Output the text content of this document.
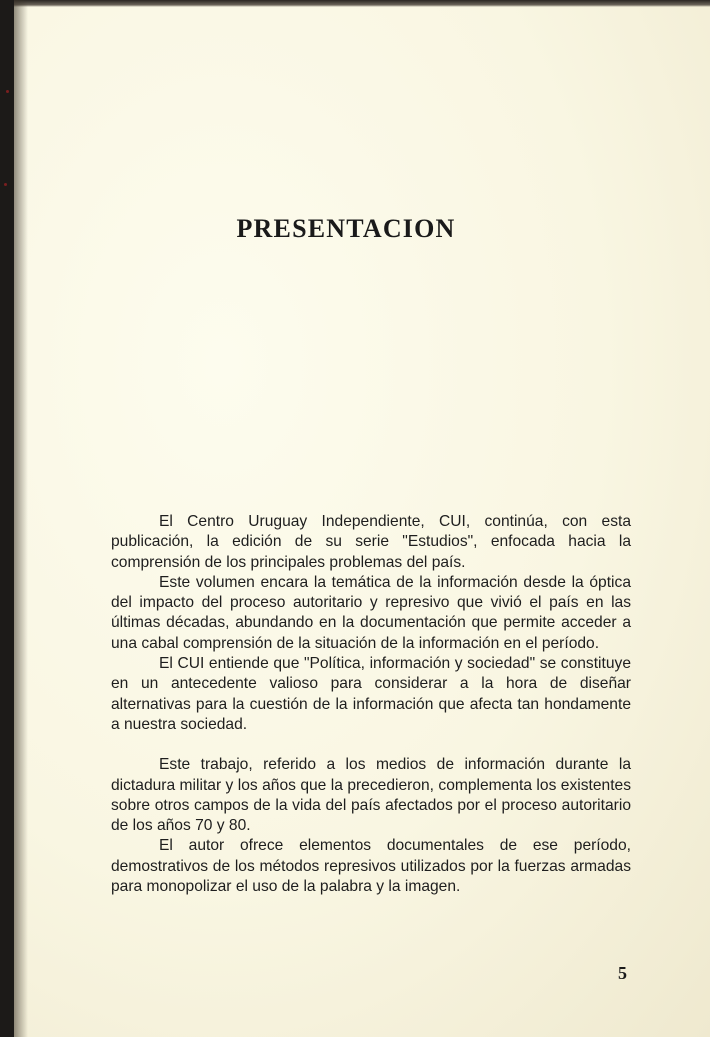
PRESENTACION

El Centro Uruguay Independiente, CUI, continúa, con esta publicación, la edición de su serie "Estudios", enfocada hacia la comprensión de los principales problemas del país.

Este volumen encara la temática de la información desde la óptica del impacto del proceso autoritario y represivo que vivió el país en las últimas décadas, abundando en la documentación que permite acceder a una cabal comprensión de la situación de la información en el período.

El CUI entiende que "Política, información y sociedad" se constituye en un antecedente valioso para considerar a la hora de diseñar alternativas para la cuestión de la información que afecta tan hondamente a nuestra sociedad.

Este trabajo, referido a los medios de información durante la dictadura militar y los años que la precedieron, complementa los existentes sobre otros campos de la vida del país afectados por el proceso autoritario de los años 70 y 80.

El autor ofrece elementos documentales de ese período, demostrativos de los métodos represivos utilizados por la fuerzas armadas para monopolizar el uso de la palabra y la imagen.

5
